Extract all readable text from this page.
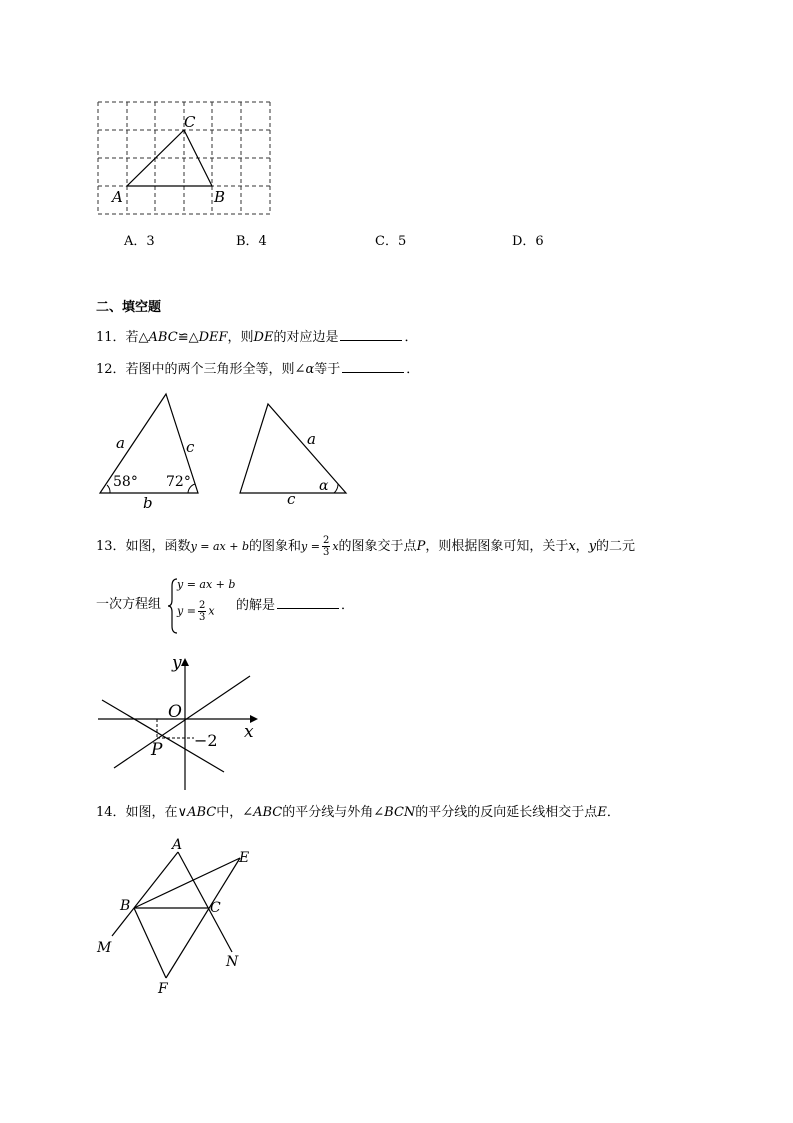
A	B
C
A．3	B．4	C．5	D．6
二、填空题
11．若△ABC≌△DEF，则DE的对应边是	．
12．若图中的两个三角形全等，则∠α等于	．
a	c
b
58° 72°
a
c
α
13．如图，函数y = ax + b的图象和$y = \frac{2}{3}$ x的图象交于点P，则根据图象可知，关于x，y的二元
一次方程组
y = ax + b
$y = \frac{2}{3}$ x 的解是	．
y
x
O
P −2
14．如图，在∨ABC中，∠ABC的平分线与外角∠BCN的平分线的反向延长线相交于点E．
A
B	C
E
F
M
N
